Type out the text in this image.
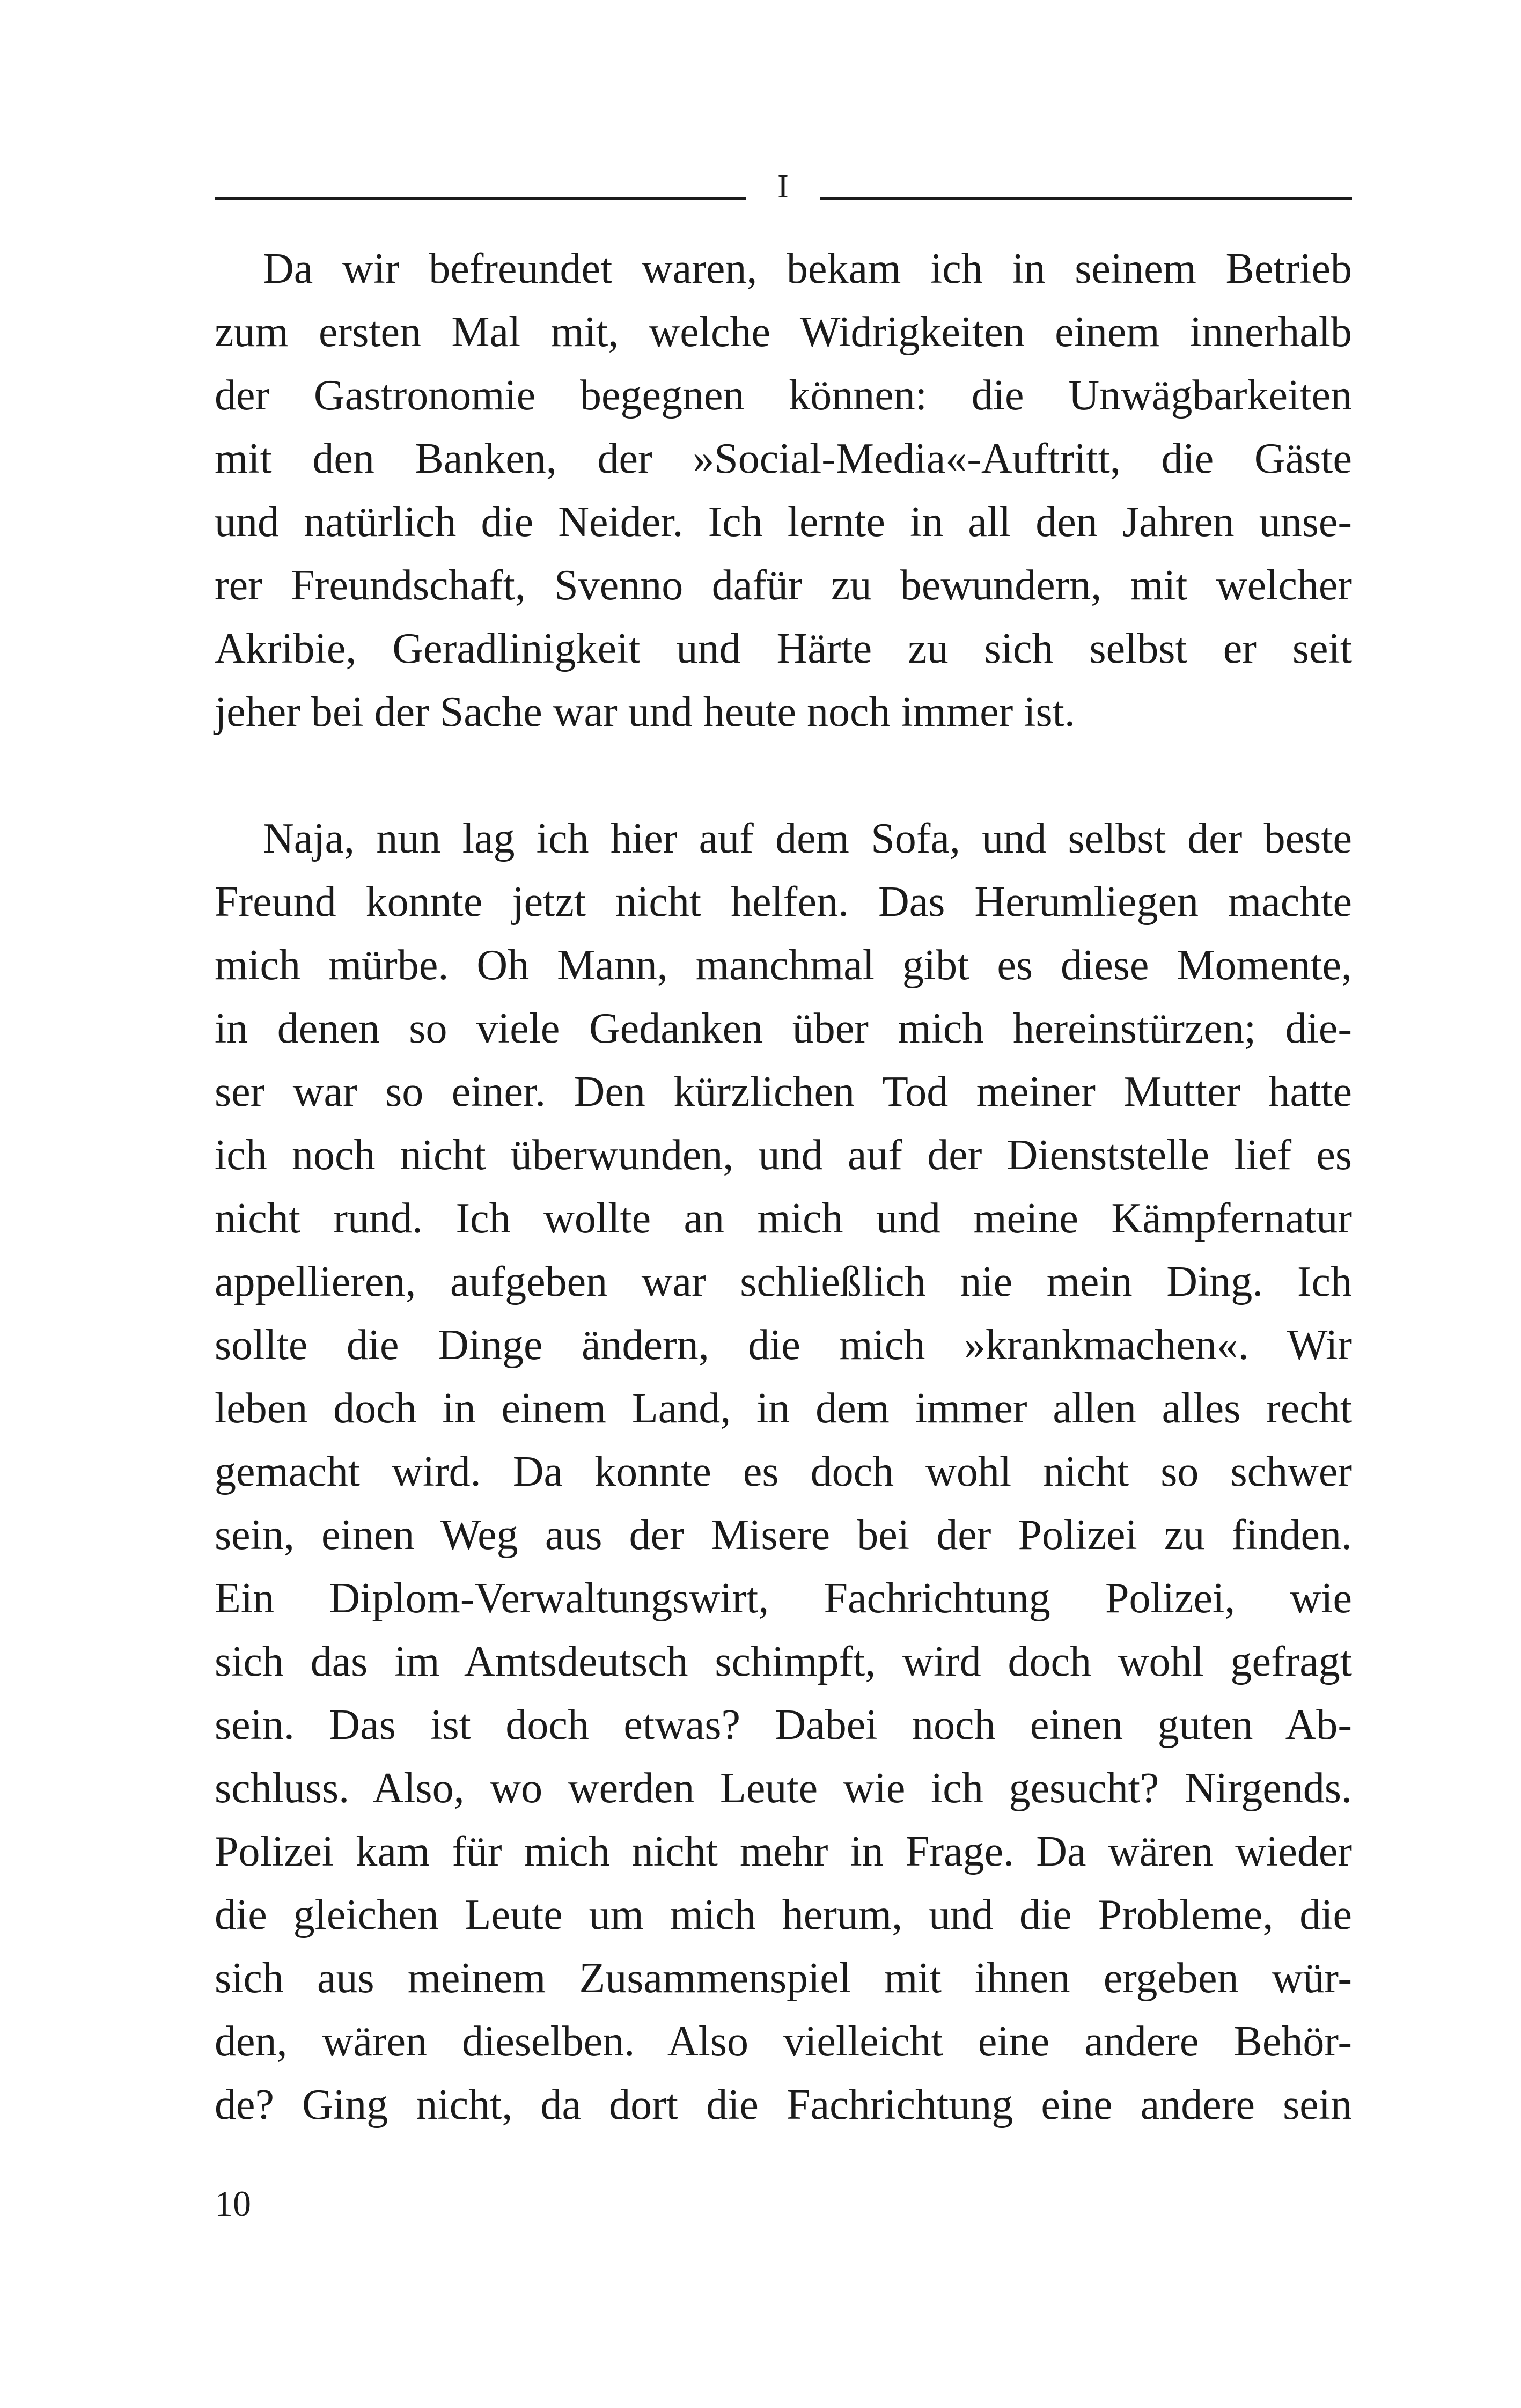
I

Da wir befreundet waren, bekam ich in seinem Betrieb
zum ersten Mal mit, welche Widrigkeiten einem innerhalb
der Gastronomie begegnen können: die Unwägbarkeiten
mit den Banken, der »Social-Media«-Auftritt, die Gäste
und natürlich die Neider. Ich lernte in all den Jahren unse-
rer Freundschaft, Svenno dafür zu bewundern, mit welcher
Akribie, Geradlinigkeit und Härte zu sich selbst er seit
jeher bei der Sache war und heute noch immer ist.

Naja, nun lag ich hier auf dem Sofa, und selbst der beste
Freund konnte jetzt nicht helfen. Das Herumliegen machte
mich mürbe. Oh Mann, manchmal gibt es diese Momente,
in denen so viele Gedanken über mich hereinstürzen; die-
ser war so einer. Den kürzlichen Tod meiner Mutter hatte
ich noch nicht überwunden, und auf der Dienststelle lief es
nicht rund. Ich wollte an mich und meine Kämpfernatur
appellieren, aufgeben war schließlich nie mein Ding. Ich
sollte die Dinge ändern, die mich »krankmachen«. Wir
leben doch in einem Land, in dem immer allen alles recht
gemacht wird. Da konnte es doch wohl nicht so schwer
sein, einen Weg aus der Misere bei der Polizei zu finden.
Ein Diplom-Verwaltungswirt, Fachrichtung Polizei, wie
sich das im Amtsdeutsch schimpft, wird doch wohl gefragt
sein. Das ist doch etwas? Dabei noch einen guten Ab-
schluss. Also, wo werden Leute wie ich gesucht? Nirgends.
Polizei kam für mich nicht mehr in Frage. Da wären wieder
die gleichen Leute um mich herum, und die Probleme, die
sich aus meinem Zusammenspiel mit ihnen ergeben wür-
den, wären dieselben. Also vielleicht eine andere Behör-
de? Ging nicht, da dort die Fachrichtung eine andere sein

10
